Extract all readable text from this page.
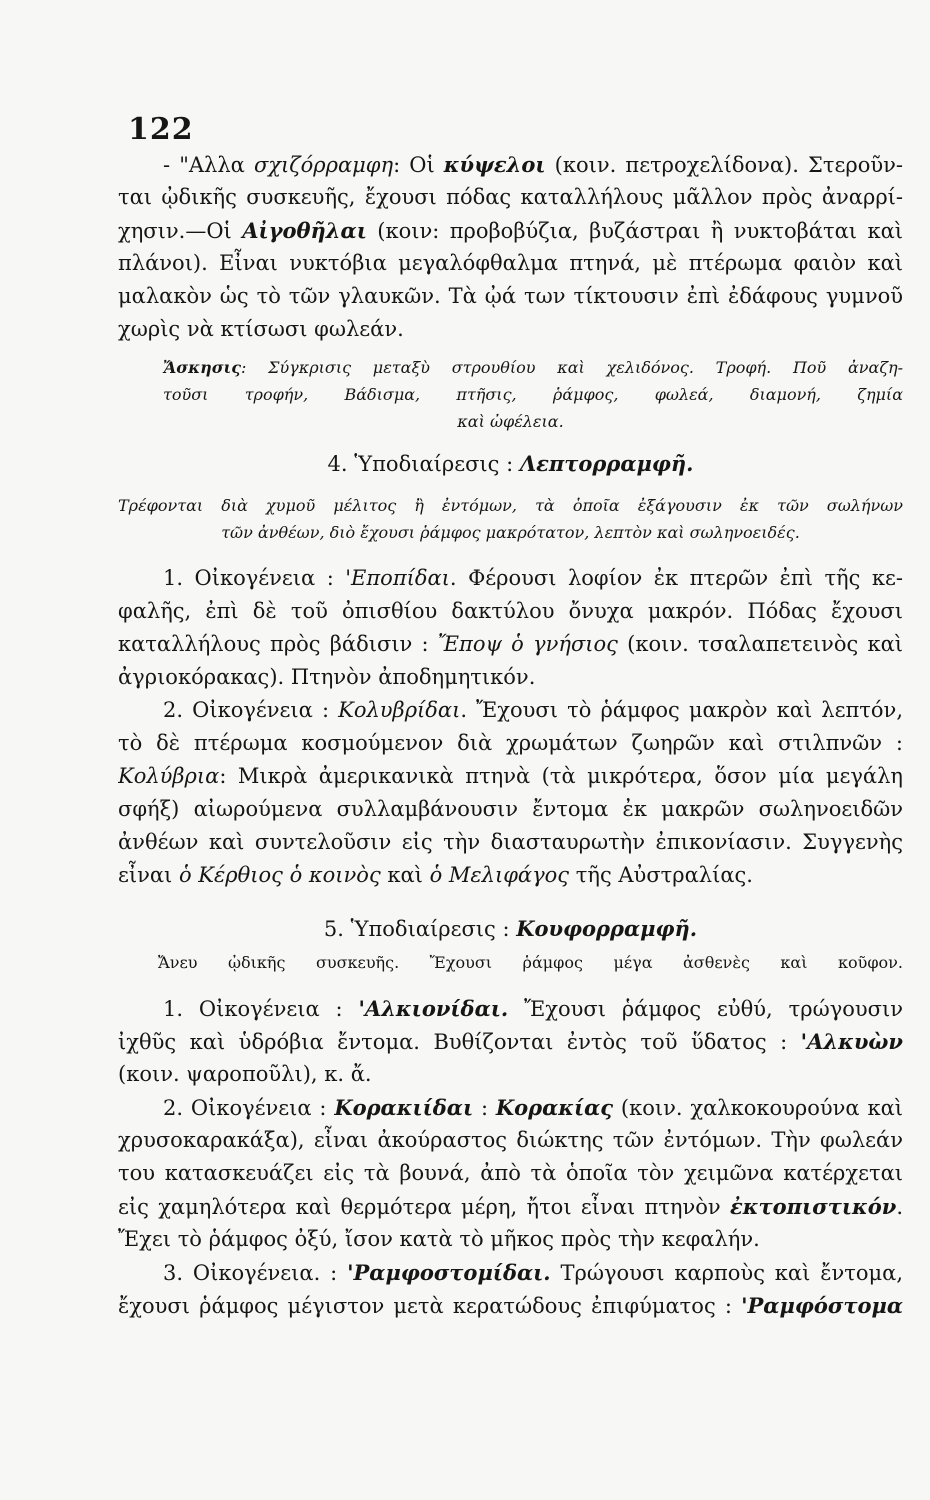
122
- "Αλλα σχιζόρραμφη: Οἱ κύψελοι (κοιν. πετροχελίδονα). Στεροῦν-
ται ᾠδικῆς συσκευῆς, ἔχουσι πόδας καταλλήλους μᾶλλον πρὸς ἀναρρί-
χησιν.—Οἱ Αἰγοθῆλαι (κοιν: προβοβύζια, βυζάστραι ἢ νυκτοβάται καὶ
πλάνοι). Εἶναι νυκτόβια μεγαλόφθαλμα πτηνά, μὲ πτέρωμα φαιὸν καὶ
μαλακὸν ὡς τὸ τῶν γλαυκῶν. Τὰ ᾠά των τίκτουσιν ἐπὶ ἐδάφους γυμνοῦ
χωρὶς νὰ κτίσωσι φωλεάν.
Ἄσκησις: Σύγκρισις μεταξὺ στρουθίου καὶ χελιδόνος. Τροφή. Ποῦ ἀναζη-
τοῦσι τροφήν, Βάδισμα, πτῆσις, ῥάμφος, φωλεά, διαμονή, ζημία
καὶ ὠφέλεια.
4. Ὑποδιαίρεσις : Λεπτορραμφῆ.
Τρέφονται διὰ χυμοῦ μέλιτος ἢ ἐντόμων, τὰ ὁποῖα ἐξάγουσιν ἐκ τῶν σωλήνων
τῶν ἀνθέων, διὸ ἔχουσι ῥάμφος μακρότατον, λεπτὸν καὶ σωληνοειδές.
1. Οἰκογένεια : 'Εποπίδαι. Φέρουσι λοφίον ἐκ πτερῶν ἐπὶ τῆς κε-
φαλῆς, ἐπὶ δὲ τοῦ ὀπισθίου δακτύλου ὄνυχα μακρόν. Πόδας ἔχουσι
καταλλήλους πρὸς βάδισιν : Ἔποψ ὁ γνήσιος (κοιν. τσαλαπετεινὸς καὶ
ἀγριοκόρακας). Πτηνὸν ἀποδημητικόν.
2. Οἰκογένεια : Κολυβρίδαι. Ἔχουσι τὸ ῥάμφος μακρὸν καὶ λεπτόν,
τὸ δὲ πτέρωμα κοσμούμενον διὰ χρωμάτων ζωηρῶν καὶ στιλπνῶν :
Κολύβρια: Μικρὰ ἀμερικανικὰ πτηνὰ (τὰ μικρότερα, ὅσον μία μεγάλη
σφήξ) αἰωρούμενα συλλαμβάνουσιν ἔντομα ἐκ μακρῶν σωληνοειδῶν
ἀνθέων καὶ συντελοῦσιν εἰς τὴν διασταυρωτὴν ἐπικονίασιν. Συγγενὴς
εἶναι ὁ Κέρθιος ὁ κοινὸς καὶ ὁ Μελιφάγος τῆς Αὐστραλίας.
5. Ὑποδιαίρεσις : Κουφορραμφῆ.
Ἄνευ ᾠδικῆς συσκευῆς. Ἔχουσι ῥάμφος μέγα ἀσθενὲς καὶ κοῦφον.
1. Οἰκογένεια : 'Αλκιονίδαι. Ἔχουσι ῥάμφος εὐθύ, τρώγουσιν
ἰχθῦς καὶ ὑδρόβια ἔντομα. Βυθίζονται ἐντὸς τοῦ ὕδατος : 'Αλκυὼν
(κοιν. ψαροποῦλι), κ. ἄ.
2. Οἰκογένεια : Κορακιίδαι : Κορακίας (κοιν. χαλκοκουρούνα καὶ
χρυσοκαρακάξα), εἶναι ἀκούραστος διώκτης τῶν ἐντόμων. Τὴν φωλεάν
του κατασκευάζει εἰς τὰ βουνά, ἀπὸ τὰ ὁποῖα τὸν χειμῶνα κατέρχεται
εἰς χαμηλότερα καὶ θερμότερα μέρη, ἤτοι εἶναι πτηνὸν ἐκτοπιστικόν.
Ἔχει τὸ ῥάμφος ὀξύ, ἴσον κατὰ τὸ μῆκος πρὸς τὴν κεφαλήν.
3. Οἰκογένεια. : 'Ραμφοστομίδαι. Τρώγουσι καρποὺς καὶ ἔντομα,
ἔχουσι ῥάμφος μέγιστον μετὰ κερατώδους ἐπιφύματος : 'Ραμφόστομα
